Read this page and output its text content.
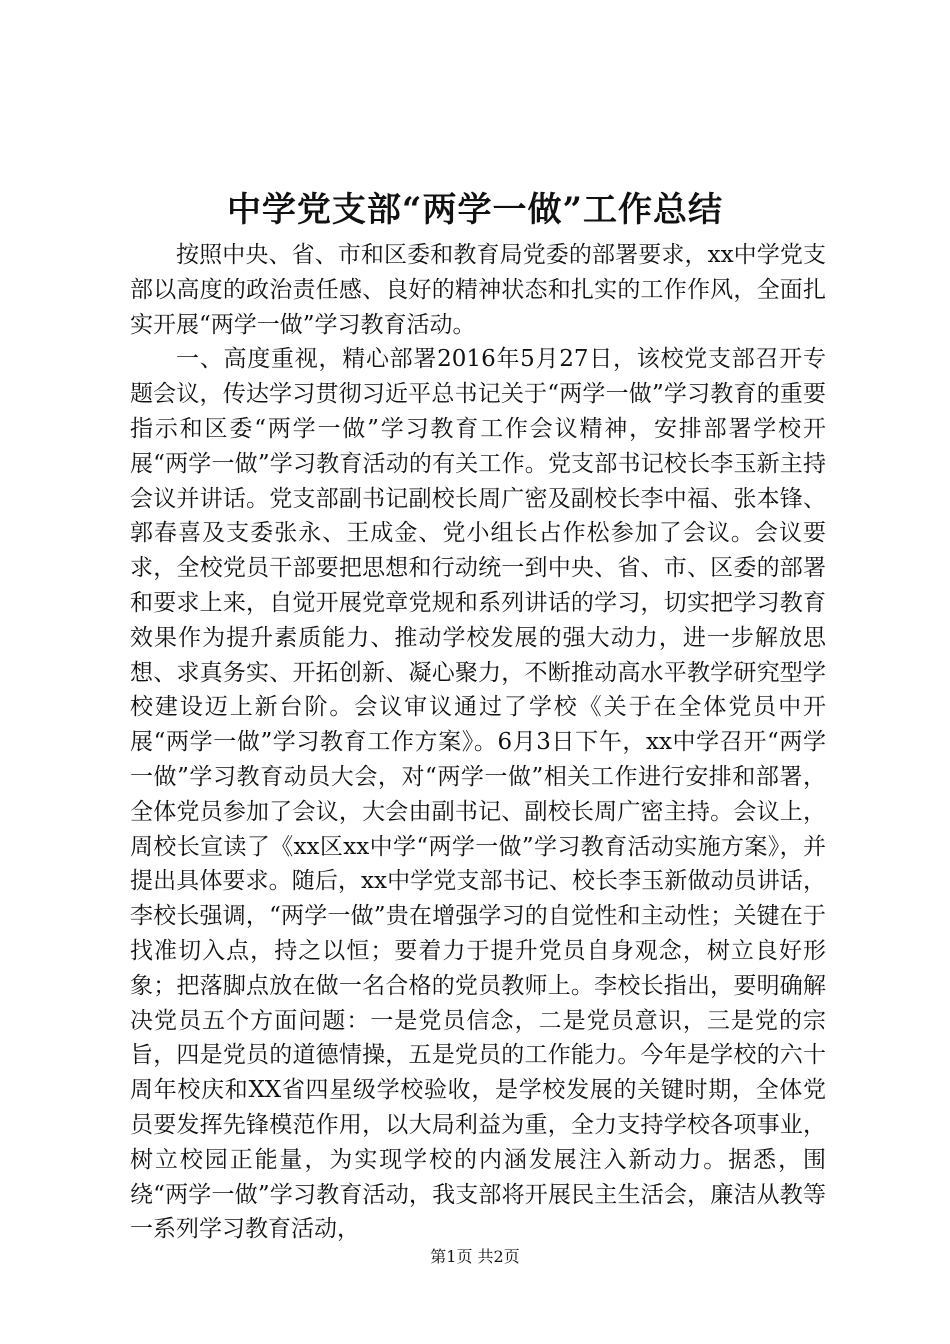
中学党支部“两学一做”工作总结

按照中央、省、市和区委和教育局党委的部署要求，xx中学党支部以高度的政治责任感、良好的精神状态和扎实的工作作风，全面扎实开展“两学一做”学习教育活动。

一、高度重视，精心部署2016年5月27日，该校党支部召开专题会议，传达学习贯彻习近平总书记关于“两学一做”学习教育的重要指示和区委“两学一做”学习教育工作会议精神，安排部署学校开展“两学一做”学习教育活动的有关工作。党支部书记校长李玉新主持会议并讲话。党支部副书记副校长周广密及副校长李中福、张本锋、郭春喜及支委张永、王成金、党小组长占作松参加了会议。会议要求，全校党员干部要把思想和行动统一到中央、省、市、区委的部署和要求上来，自觉开展党章党规和系列讲话的学习，切实把学习教育效果作为提升素质能力、推动学校发展的强大动力，进一步解放思想、求真务实、开拓创新、凝心聚力，不断推动高水平教学研究型学校建设迈上新台阶。会议审议通过了学校《关于在全体党员中开展“两学一做”学习教育工作方案》。6月3日下午，xx中学召开“两学一做”学习教育动员大会，对“两学一做”相关工作进行安排和部署，全体党员参加了会议，大会由副书记、副校长周广密主持。会议上，周校长宣读了《xx区xx中学“两学一做”学习教育活动实施方案》，并提出具体要求。随后，xx中学党支部书记、校长李玉新做动员讲话，李校长强调，“两学一做”贵在增强学习的自觉性和主动性；关键在于找准切入点，持之以恒；要着力于提升党员自身观念，树立良好形象；把落脚点放在做一名合格的党员教师上。李校长指出，要明确解决党员五个方面问题：一是党员信念，二是党员意识，三是党的宗旨，四是党员的道德情操，五是党员的工作能力。今年是学校的六十周年校庆和XX省四星级学校验收，是学校发展的关键时期，全体党员要发挥先锋模范作用，以大局利益为重，全力支持学校各项事业，树立校园正能量，为实现学校的内涵发展注入新动力。据悉，围绕“两学一做”学习教育活动，我支部将开展民主生活会，廉洁从教等一系列学习教育活动，

第1页 共2页
